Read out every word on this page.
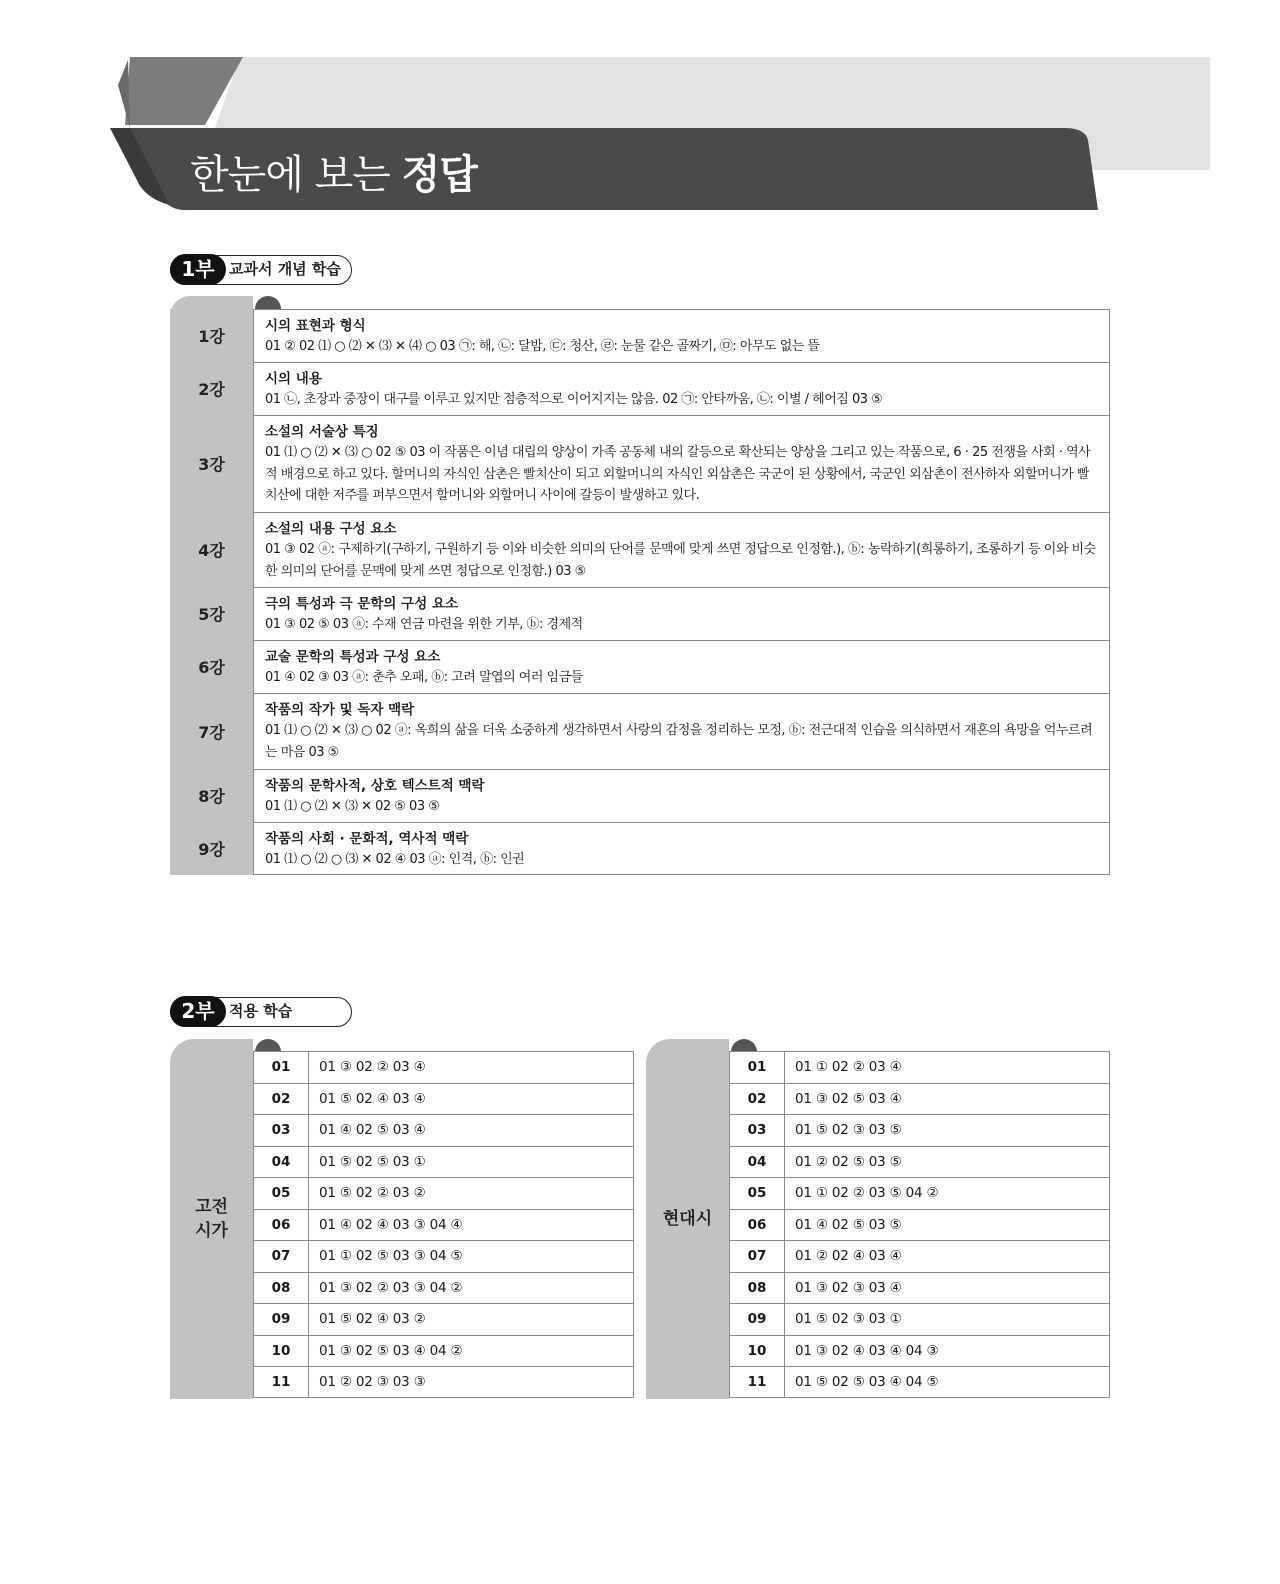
한눈에 보는 정답
1부 교과서 개념 학습
1강
시의 표현과 형식
01 ② 02 ⑴ ○ ⑵ ✕ ⑶ ✕ ⑷ ○ 03 ㉠: 해, ㉡: 달밤, ㉢: 청산, ㉣: 눈물 같은 골짜기, ㉤: 아무도 없는 뜰
2강
시의 내용
01 ㉡, 초장과 중장이 대구를 이루고 있지만 점층적으로 이어지지는 않음. 02 ㉠: 안타까움, ㉡: 이별 / 헤어짐 03 ⑤
3강
소설의 서술상 특징
01 ⑴ ○ ⑵ ✕ ⑶ ○ 02 ⑤ 03 이 작품은 이념 대립의 양상이 가족 공동체 내의 갈등으로 확산되는 양상을 그리고 있는 작품으로, 6 · 25 전쟁을 사회 · 역사적 배경으로 하고 있다. 할머니의 자식인 삼촌은 빨치산이 되고 외할머니의 자식인 외삼촌은 국군이 된 상황에서, 국군인 외삼촌이 전사하자 외할머니가 빨치산에 대한 저주를 퍼부으면서 할머니와 외할머니 사이에 갈등이 발생하고 있다.
4강
소설의 내용 구성 요소
01 ③ 02 ⓐ: 구제하기(구하기, 구원하기 등 이와 비슷한 의미의 단어를 문맥에 맞게 쓰면 정답으로 인정함.), ⓑ: 농락하기(희롱하기, 조롱하기 등 이와 비슷한 의미의 단어를 문맥에 맞게 쓰면 정답으로 인정함.) 03 ⑤
5강
극의 특성과 극 문학의 구성 요소
01 ③ 02 ⑤ 03 ⓐ: 수재 연금 마련을 위한 기부, ⓑ: 경제적
6강
교술 문학의 특성과 구성 요소
01 ④ 02 ③ 03 ⓐ: 춘추 오패, ⓑ: 고려 말엽의 여러 임금들
7강
작품의 작가 및 독자 맥락
01 ⑴ ○ ⑵ ✕ ⑶ ○ 02 ⓐ: 옥희의 삶을 더욱 소중하게 생각하면서 사랑의 감정을 정리하는 모정, ⓑ: 전근대적 인습을 의식하면서 재혼의 욕망을 억누르려는 마음 03 ⑤
8강
작품의 문학사적, 상호 텍스트적 맥락
01 ⑴ ○ ⑵ ✕ ⑶ ✕ 02 ⑤ 03 ⑤
9강
작품의 사회 · 문화적, 역사적 맥락
01 ⑴ ○ ⑵ ○ ⑶ ✕ 02 ④ 03 ⓐ: 인격, ⓑ: 인권
2부 적용 학습
고전
시가
01	01 ③ 02 ② 03 ④
02	01 ⑤ 02 ④ 03 ④
03	01 ④ 02 ⑤ 03 ④
04	01 ⑤ 02 ⑤ 03 ①
05	01 ⑤ 02 ② 03 ②
06	01 ④ 02 ④ 03 ③ 04 ④
07	01 ① 02 ⑤ 03 ③ 04 ⑤
08	01 ③ 02 ② 03 ③ 04 ②
09	01 ⑤ 02 ④ 03 ②
10	01 ③ 02 ⑤ 03 ④ 04 ②
11	01 ② 02 ③ 03 ③
현대시
01	01 ① 02 ② 03 ④
02	01 ③ 02 ⑤ 03 ④
03	01 ⑤ 02 ③ 03 ⑤
04	01 ② 02 ⑤ 03 ⑤
05	01 ① 02 ② 03 ⑤ 04 ②
06	01 ④ 02 ⑤ 03 ⑤
07	01 ② 02 ④ 03 ④
08	01 ③ 02 ③ 03 ④
09	01 ⑤ 02 ③ 03 ①
10	01 ③ 02 ④ 03 ④ 04 ③
11	01 ⑤ 02 ⑤ 03 ④ 04 ⑤
